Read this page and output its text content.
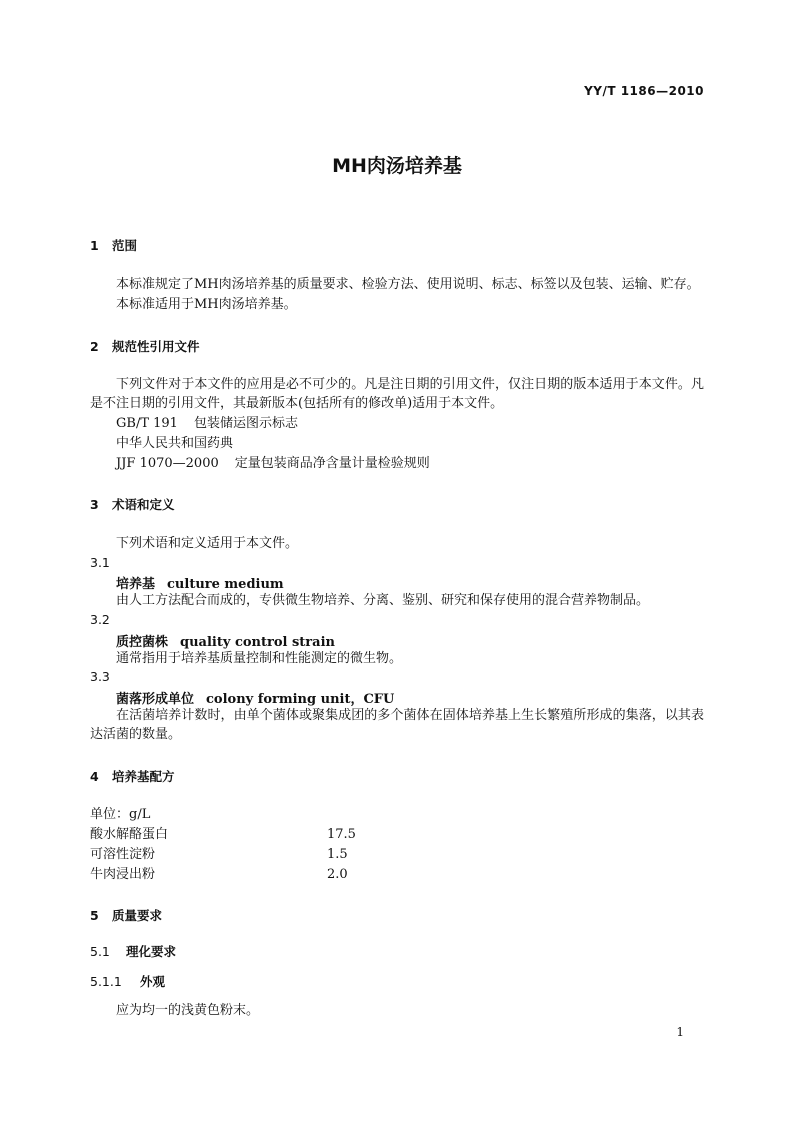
YY/T 1186—2010
MH肉汤培养基
1 范围
本标准规定了MH肉汤培养基的质量要求、检验方法、使用说明、标志、标签以及包装、运输、贮存。
本标准适用于MH肉汤培养基。
2 规范性引用文件
下列文件对于本文件的应用是必不可少的。凡是注日期的引用文件，仅注日期的版本适用于本文件。凡是不注日期的引用文件，其最新版本(包括所有的修改单)适用于本文件。
GB/T 191 包装储运图示标志
中华人民共和国药典
JJF 1070—2000 定量包装商品净含量计量检验规则
3 术语和定义
下列术语和定义适用于本文件。
3.1
培养基 culture medium
由人工方法配合而成的，专供微生物培养、分离、鉴别、研究和保存使用的混合营养物制品。
3.2
质控菌株 quality control strain
通常指用于培养基质量控制和性能测定的微生物。
3.3
菌落形成单位 colony forming unit，CFU
在活菌培养计数时，由单个菌体或聚集成团的多个菌体在固体培养基上生长繁殖所形成的集落，以其表达活菌的数量。
4 培养基配方
单位：g/L
酸水解酪蛋白	17.5
可溶性淀粉	1.5
牛肉浸出粉	2.0
5 质量要求
5.1 理化要求
5.1.1 外观
应为均一的浅黄色粉末。
1
